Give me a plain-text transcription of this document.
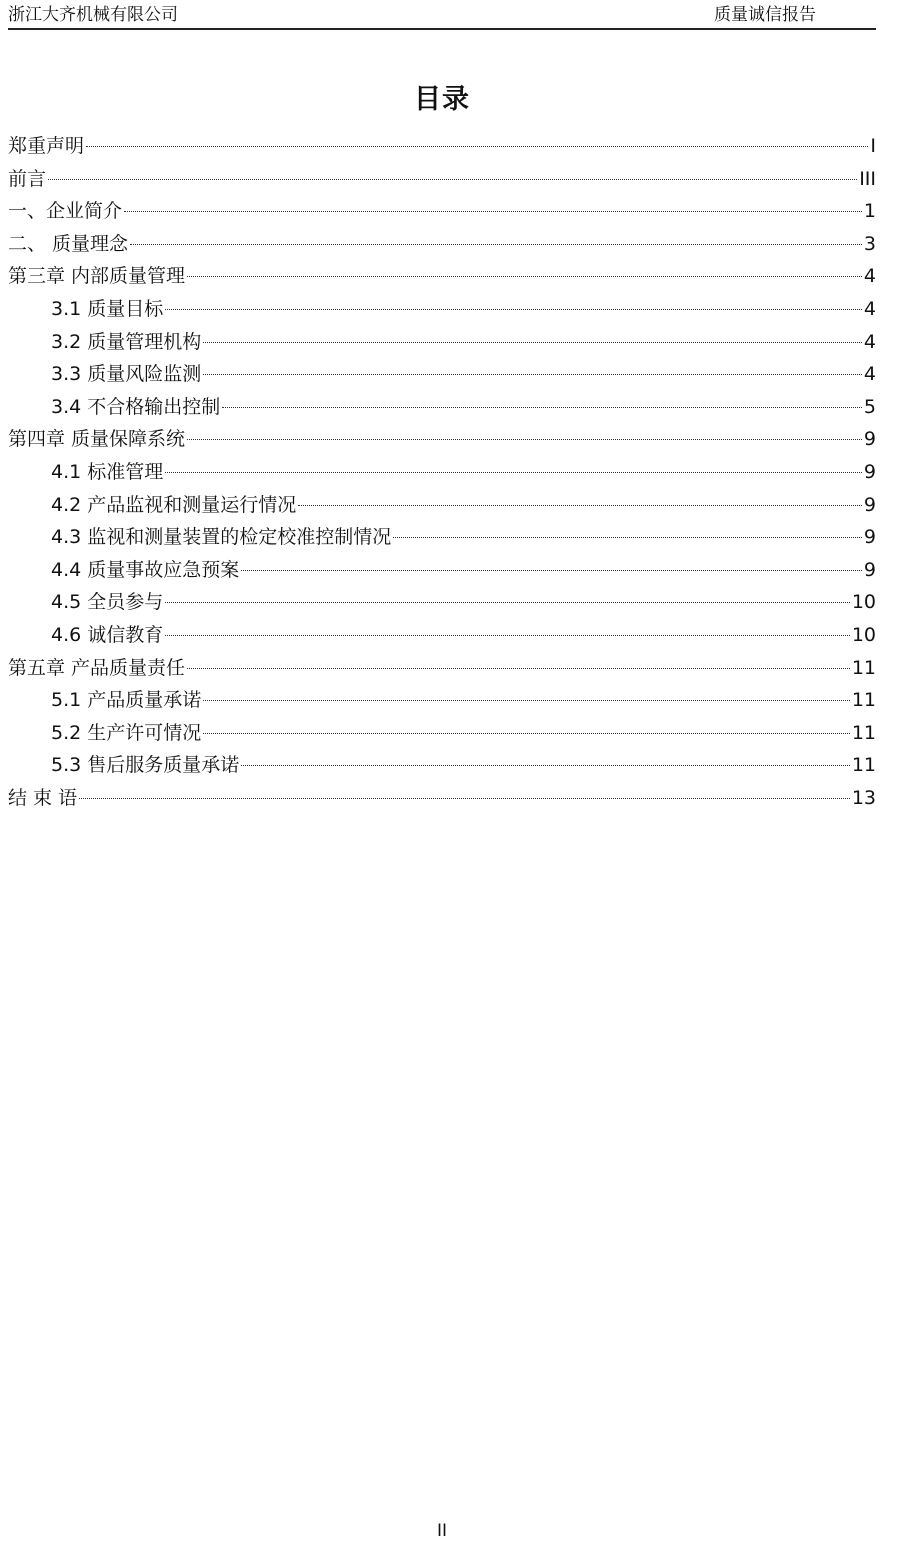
浙江大齐机械有限公司	质量诚信报告
目录
郑重声明	I
前言	III
一、企业简介	1
二、 质量理念	3
第三章 内部质量管理	4
3.1 质量目标	4
3.2 质量管理机构	4
3.3 质量风险监测	4
3.4 不合格输出控制	5
第四章 质量保障系统	9
4.1 标准管理	9
4.2 产品监视和测量运行情况	9
4.3 监视和测量装置的检定校准控制情况	9
4.4 质量事故应急预案	9
4.5 全员参与	10
4.6 诚信教育	10
第五章 产品质量责任	11
5.1 产品质量承诺	11
5.2 生产许可情况	11
5.3 售后服务质量承诺	11
结 束 语	13
II
